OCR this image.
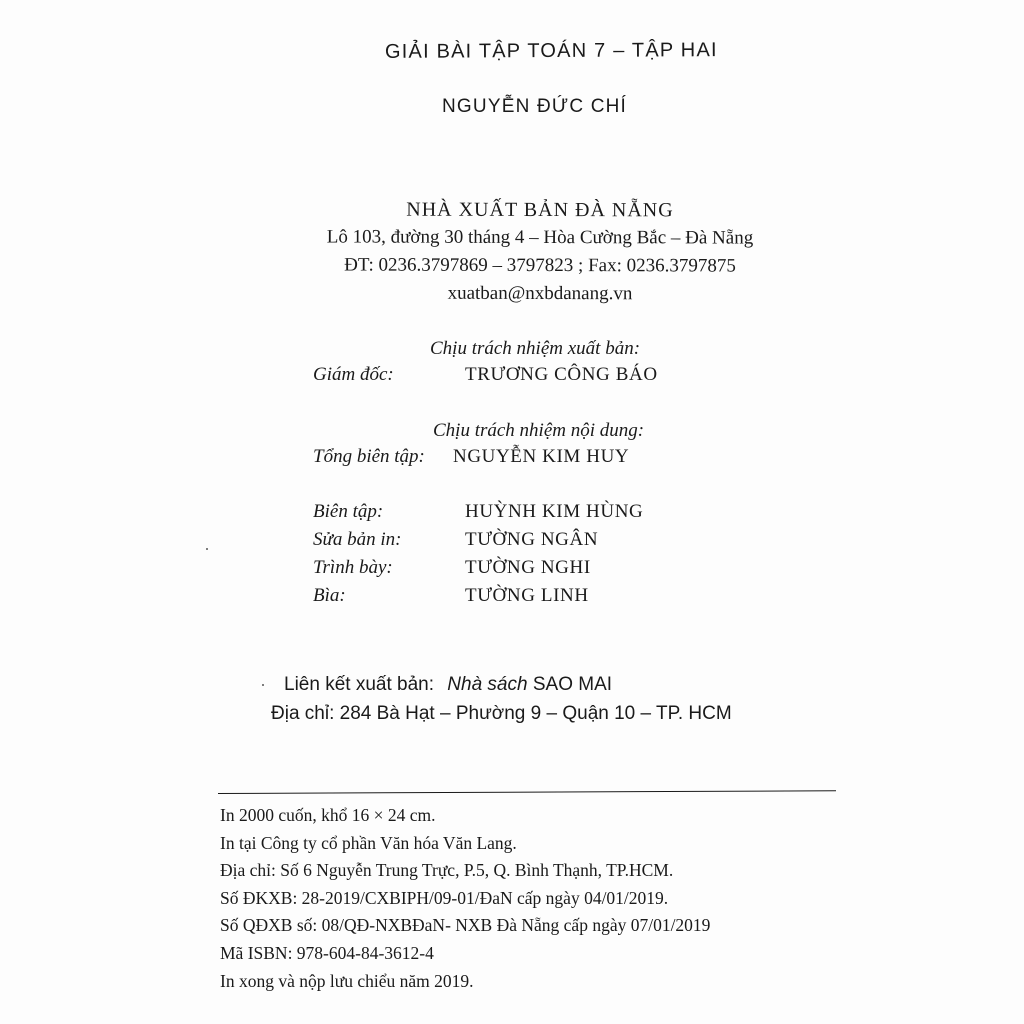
GIẢI BÀI TẬP TOÁN 7 – TẬP HAI
NGUYỄN ĐỨC CHÍ
NHÀ XUẤT BẢN ĐÀ NẴNG
Lô 103, đường 30 tháng 4 – Hòa Cường Bắc – Đà Nẵng
ĐT: 0236.3797869 – 3797823 ; Fax: 0236.3797875
xuatban@nxbdanang.vn
Chịu trách nhiệm xuất bản:
Giám đốc:	TRƯƠNG CÔNG BÁO
Chịu trách nhiệm nội dung:
Tổng biên tập: NGUYỄN KIM HUY
Biên tập:	HUỲNH KIM HÙNG
Sửa bản in:	TƯỜNG NGÂN
Trình bày:	TƯỜNG NGHI
Bìa:	TƯỜNG LINH
Liên kết xuất bản: Nhà sách SAO MAI
Địa chỉ: 284 Bà Hạt – Phường 9 – Quận 10 – TP. HCM
In 2000 cuốn, khổ 16 × 24 cm.
In tại Công ty cổ phần Văn hóa Văn Lang.
Địa chỉ: Số 6 Nguyễn Trung Trực, P.5, Q. Bình Thạnh, TP.HCM.
Số ĐKXB: 28-2019/CXBIPH/09-01/ĐaN cấp ngày 04/01/2019.
Số QĐXB số: 08/QĐ-NXBĐaN- NXB Đà Nẵng cấp ngày 07/01/2019
Mã ISBN: 978-604-84-3612-4
In xong và nộp lưu chiểu năm 2019.
